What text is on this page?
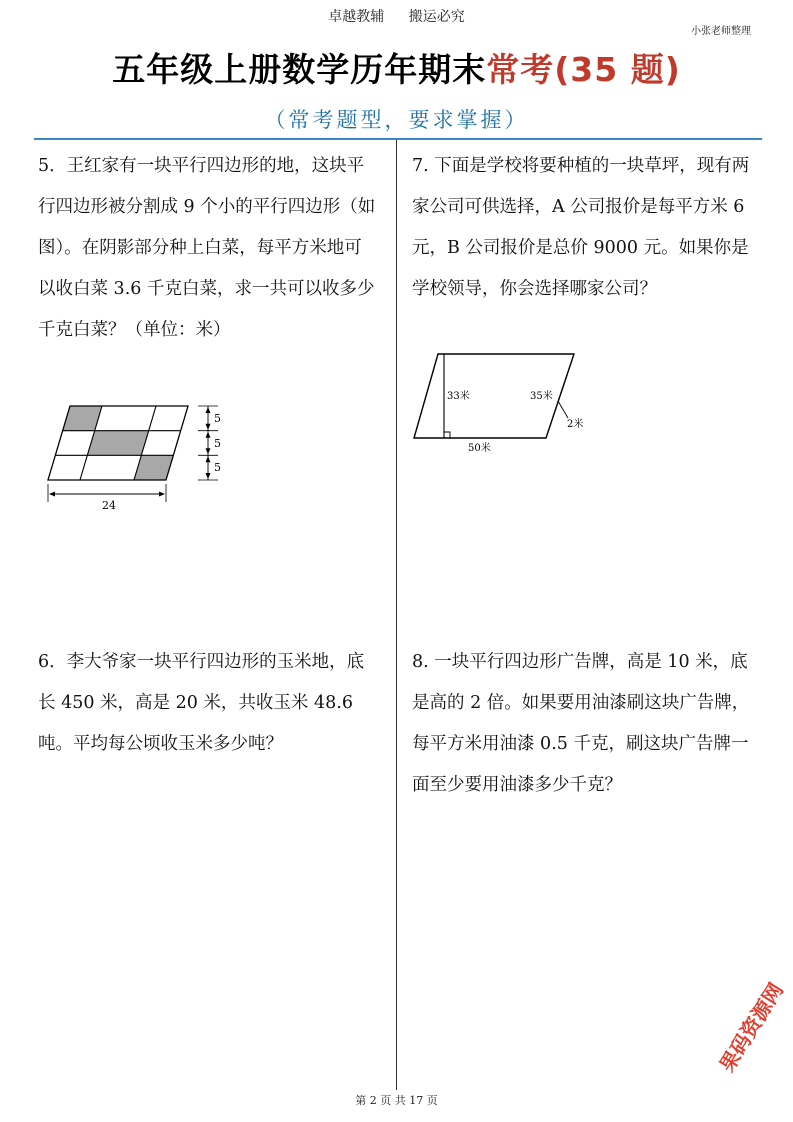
卓越教辅 搬运必究
小张老师整理
五年级上册数学历年期末常考(35 题)
（常考题型，要求掌握）

5．王红家有一块平行四边形的地，这块平行四边形被分割成 9 个小的平行四边形（如图）。在阴影部分种上白菜，每平方米地可以收白菜 3.6 千克白菜，求一共可以收多少千克白菜？（单位：米）

5
5
5
24

7. 下面是学校将要种植的一块草坪，现有两家公司可供选择，A 公司报价是每平方米 6 元，B 公司报价是总价 9000 元。如果你是学校领导，你会选择哪家公司？

33米	35米
2米
50米

6．李大爷家一块平行四边形的玉米地，底长 450 米，高是 20 米，共收玉米 48.6 吨。平均每公顷收玉米多少吨？

8. 一块平行四边形广告牌，高是 10 米，底是高的 2 倍。如果要用油漆刷这块广告牌，每平方米用油漆 0.5 千克，刷这块广告牌一面至少要用油漆多少千克？

果码资源网
第 2 页 共 17 页
